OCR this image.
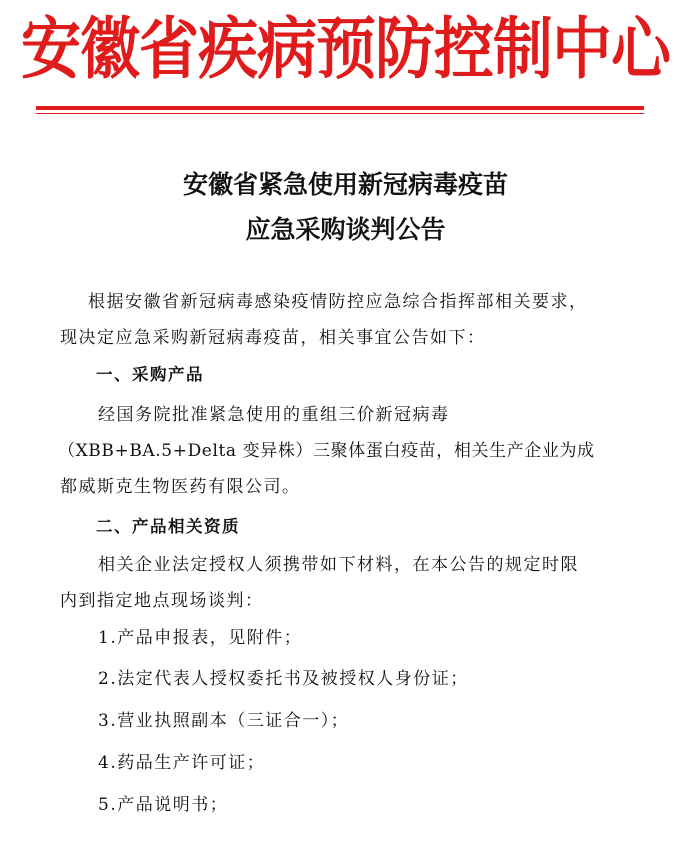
安徽省疾病预防控制中心
安徽省紧急使用新冠病毒疫苗
应急采购谈判公告
根据安徽省新冠病毒感染疫情防控应急综合指挥部相关要求，
现决定应急采购新冠病毒疫苗，相关事宜公告如下：
一、采购产品
经国务院批准紧急使用的重组三价新冠病毒
（XBB+BA.5+Delta 变异株）三聚体蛋白疫苗，相关生产企业为成
都威斯克生物医药有限公司。
二、产品相关资质
相关企业法定授权人须携带如下材料，在本公告的规定时限
内到指定地点现场谈判：
1.产品申报表，见附件；
2.法定代表人授权委托书及被授权人身份证；
3.营业执照副本（三证合一）；
4.药品生产许可证；
5.产品说明书；
